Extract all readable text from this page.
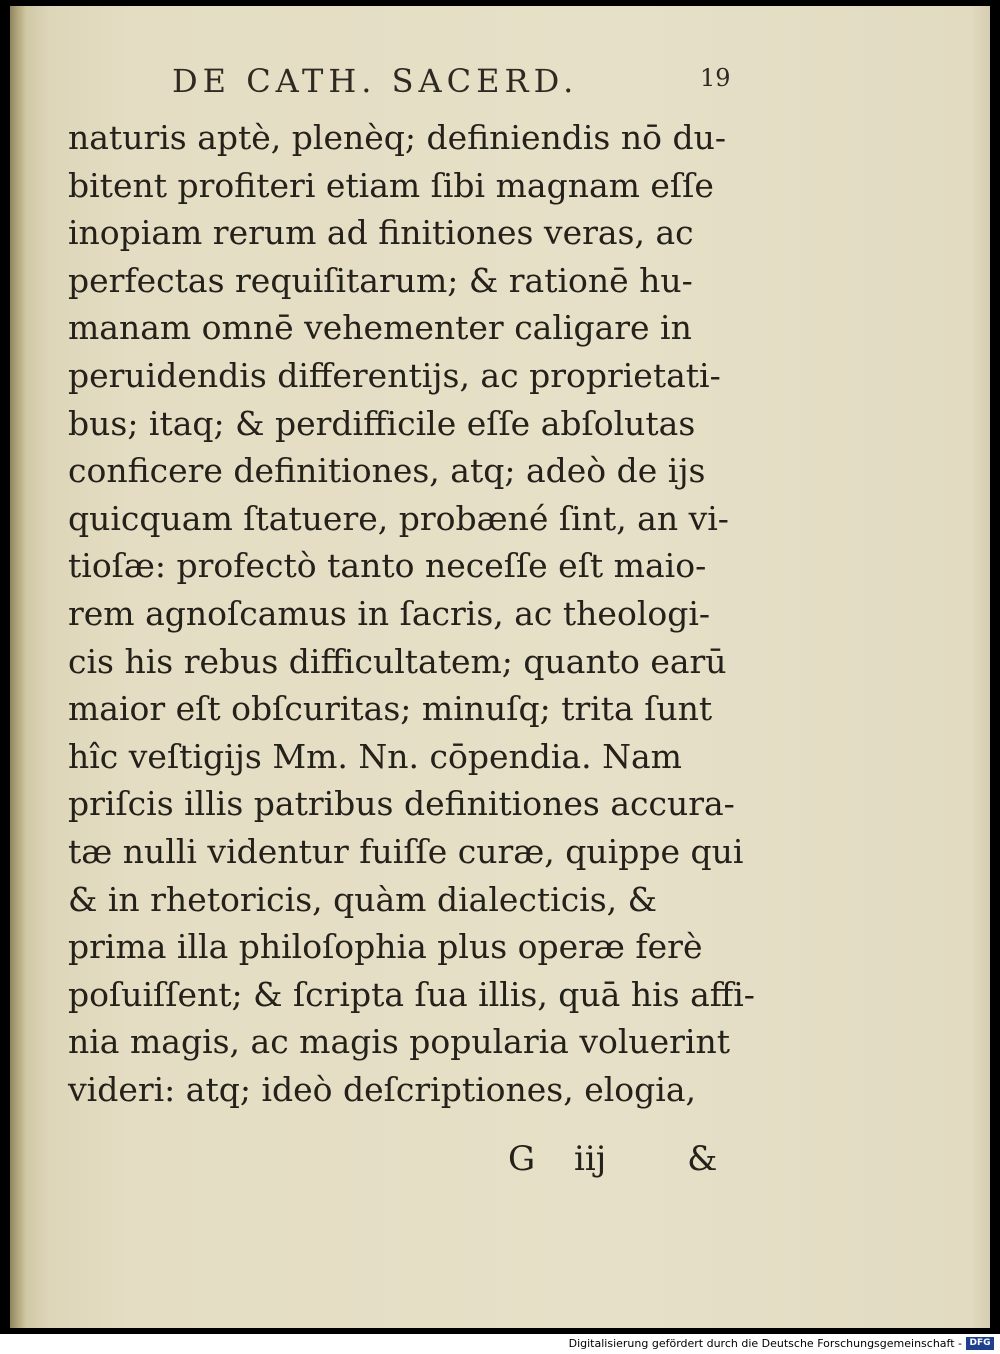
DE CATH. SACERD.	19
naturis aptè, plenèq; definiendis nō du-
bitent profiteri etiam ſibi magnam eſſe
inopiam rerum ad finitiones veras, ac
perfectas requiſitarum; & rationē hu-
manam omnē vehementer caligare in
peruidendis differentijs, ac proprietati-
bus; itaq; & perdifficile eſſe abſolutas
conficere definitiones, atq; adeò de ijs
quicquam ſtatuere, probæné ſint, an vi-
tioſæ: profectò tanto neceſſe eſt maio-
rem agnoſcamus in ſacris, ac theologi-
cis his rebus difficultatem; quanto earū
maior eſt obſcuritas; minuſq; trita ſunt
hîc veſtigijs Mm. Nn. cōpendia. Nam
priſcis illis patribus definitiones accura-
tæ nulli videntur fuiſſe curæ, quippe qui
& in rhetoricis, quàm dialecticis, &
prima illa philoſophia plus operæ ferè
poſuiſſent; & ſcripta ſua illis, quā his affi-
nia magis, ac magis popularia voluerint
videri: atq; ideò deſcriptiones, elogia,
G iij &
Digitalisierung gefördert durch die Deutsche Forschungsgemeinschaft - DFG
